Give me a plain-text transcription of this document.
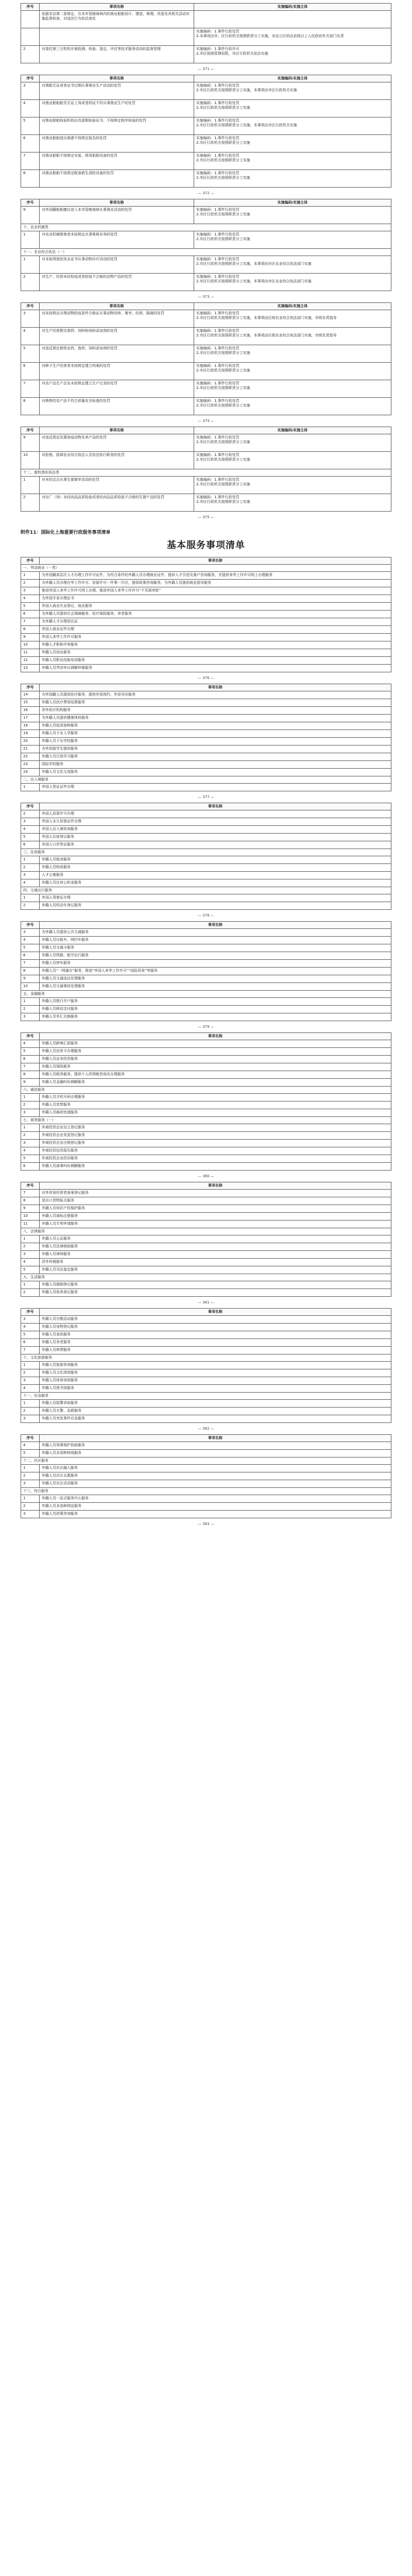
序号	事项名称	实施编码/实施主体
	依据本法第二条规定，在本市管辖海域内的渔业船舶设计、建造、修理、改造及其相关活动实施监督检查，对违法行为依法查处	
		实施编码：1.事件行政处罚
2.本事项由市、区行政机关按照职责分工实施，未设立区的由县级以上人民政府有关部门负责
2	对委托第三方机构开展检测、检验、鉴定、评估等技术服务活动的监督管理	实施编码：1.事件行政许可
2.市区按照管理权限，市区行政机关依法实施
— 371 —
序号	事项名称	实施编码/实施主体
3	对渔船无证或者证书过期从事渔业生产活动的处罚	实施编码：1.事件行政处罚
2.市区行政机关按照职责分工实施，本事项由市区行政机关实施
4	对渔业船舶船员无证上岗或者持证不符从事渔业生产的处罚	实施编码：1.事件行政处罚
2.市区行政机关按照职责分工实施
5	对渔业船舶检验机构出具虚假检验证书、不按规定程序检验的处罚	实施编码：1.事件行政处罚
2.市区行政机关按照职责分工实施，本事项由市区行政机关实施
6	对渔业船舶进出渔港不按规定报告的处罚	实施编码：1.事件行政处罚
2.市区行政机关按照职责分工实施
7	对渔业船舶不按规定安装、使用船舶设备的处罚	实施编码：1.事件行政处罚
2.市区行政机关按照职责分工实施
8	对渔业船舶不按规定配备救生消防设备的处罚	实施编码：1.事件行政处罚
2.市区行政机关按照职责分工实施
— 372 —
序号	事项名称	实施编码/实施主体
9	对外国籍船舶擅自进入本市管辖海域从事渔业活动的处罚	实施编码：1.事件行政处罚
2.市区行政机关按照职责分工实施
十、农业机械类		
1	对农业机械维修者未按规定从事维修业务的处罚	实施编码：1.事件行政处罚
2.市区行政机关按照职责分工实施
十一、农业综合执法（一）		
1	对未取得兽医执业证书从事动物诊疗活动的处罚	实施编码：1.事件行政处罚
2.市区行政机关按照职责分工实施，本事项由市区农业综合执法部门实施
2	对生产、经营未经检疫或者检疫不合格的动物产品的处罚	实施编码：1.事件行政处罚
2.市区行政机关按照职责分工实施，本事项由市区农业综合执法部门实施
— 373 —
序号	事项名称	实施编码/实施主体
3	对未按规定办理动物防疫条件合格证从事动物饲养、屠宰、经营、隔离的处罚	实施编码：1.事件行政处罚
2.市区行政机关按照职责分工实施，本事项由区级农业综合执法部门实施，市级负责指导
4	对生产经营假劣兽药、饲料和饲料添加剂的处罚	实施编码：1.事件行政处罚
2.市区行政机关按照职责分工实施，本事项由区级农业综合执法部门实施，市级负责指导
5	对违反规定使用农药、兽药、饲料添加剂的处罚	实施编码：1.事件行政处罚
2.市区行政机关按照职责分工实施
6	对种子生产经营者未按规定建立档案的处罚	实施编码：1.事件行政处罚
2.市区行政机关按照职责分工实施
7	对农产品生产企业未按规定建立生产记录的处罚	实施编码：1.事件行政处罚
2.市区行政机关按照职责分工实施
8	对销售的农产品不符合质量安全标准的处罚	实施编码：1.事件行政处罚
2.市区行政机关按照职责分工实施
— 374 —
序号	事项名称	实施编码/实施主体
9	对违反规定处置染疫动物及其产品的处罚	实施编码：1.事件行政处罚
2.市区行政机关按照职责分工实施
10	对拒绝、阻碍农业综合执法人员依法执行职务的处罚	实施编码：1.事件行政处罚
2.市区行政机关按照职责分工实施
十二、畜牧兽医执法类		
1	对未经定点从事生猪屠宰活动的处罚	实施编码：1.事件行政处罚
2.市区行政机关按照职责分工实施
2	对出厂（场）未经肉品品质检验或者经肉品品质检验不合格的生猪产品的处罚	实施编码：1.事件行政处罚
2.市区行政机关按照职责分工实施
— 375 —
附件11：国际化上海重要行政服务事项清单
基本服务事项清单
序号	事项名称
一、劳动就业（一类）	
1	为外国籍高层次人才办理工作许可证件，为符合条件的外籍人员办理就业证件，提供人才引进及落户咨询服务，并提供来华工作许可网上办理服务
2	为外籍人员办理在华工作许可、居留许可一件事一次办，提供政策咨询服务，为外籍人员提供就业指导服务
3	推进外国人来华工作许可网上办理，推进外国人来华工作许可“不见面审批”
4	为外国专家办理证书
5	外国人就业失业登记、就业服务
6	为外籍人员提供社会保障服务、医疗保险服务、养老服务
7	为外籍人才办理居住证
8	外国人就业证件办理
9	外国人来华工作许可服务
10	外籍人才职称评审服务
11	外籍人员创业服务
12	外籍人员职业技能培训服务
13	外籍人员劳动争议调解仲裁服务
— 376 —
序号	事项名称
14	为外国籍人员提供医疗服务，提供外语预约、外语导诊服务
15	外籍人员医疗费用结算服务
16	涉外医疗机构服务
17	为外籍人员提供健康体检服务
18	外籍人员疫苗接种服务
19	外籍人员子女入学服务
20	外籍人员子女学校服务
21	为外国留学生提供服务
22	外籍人员汉语学习服务
23	国际学校服务
24	外籍人员文化交流服务
二、出入境服务	
1	外国人签证证件办理
— 377 —
序号	事项名称
2	外国人居留许可办理
3	外国人永久居留证件办理
4	外国人出入境咨询服务
5	外国人住宿登记服务
6	外国人口岸签证服务
三、住房服务	
1	外籍人员租房服务
2	外籍人员购房服务
3	人才公寓服务
4	外籍人员住房公积金服务
四、交通出行服务	
1	外国人驾驶证办理
2	外籍人员机动车登记服务
— 378 —
序号	事项名称
3	为外籍人员提供公共交通服务
4	外籍人员出租车、网约车服务
5	外籍人员交通卡服务
6	外籍人员铁路、航空出行服务
7	外籍人员停车服务
8	外籍人员“一网通办”服务，推进“外国人来华工作许可”“国际贸易”等服务
9	外籍人员交通违法处理服务
10	外籍人员交通事故处理服务
五、金融服务	
1	外籍人员银行开户服务
2	外籍人员移动支付服务
3	外籍人员外汇兑换服务
— 379 —
序号	事项名称
4	外籍人员跨境汇款服务
5	外籍人员信用卡办理服务
6	外籍人员证券投资服务
7	外籍人员保险服务
8	外籍人员税务服务，提供个人所得税咨询及办理服务
9	外籍人员金融纠纷调解服务
六、通信服务	
1	外籍人员手机号码办理服务
2	外籍人员宽带服务
3	外籍人员邮政快递服务
七、商务服务（一）	
1	外商投资企业设立登记服务
2	外商投资企业变更登记服务
3	外商投资企业注销登记服务
4	外商投资信息报告服务
5	外商投资企业投诉服务
6	外籍人员商事纠纷调解服务
— 380 —
序号	事项名称
7	对外贸易经营者备案登记服务
8	进出口货物报关服务
9	外籍人员知识产权保护服务
10	外籍人员商标注册服务
11	外籍人员专利申请服务
八、法律服务	
1	外籍人员公证服务
2	外籍人员法律援助服务
3	外籍人员律师服务
4	涉外仲裁服务
5	外籍人员司法鉴定服务
九、生活服务	
1	外籍人员婚姻登记服务
2	外籍人员收养登记服务
— 381 —
序号	事项名称
3	外籍人员宗教活动服务
4	外籍人员宠物登记服务
5	外籍人员家政服务
6	外籍人员养老服务
7	外籍人员殡葬服务
十、文化旅游服务	
1	外籍人员旅游咨询服务
2	外籍人员文化场馆服务
3	外籍人员体育场馆服务
4	外籍人员图书馆服务
十一、应急服务	
1	外籍人员报警求助服务
2	外籍人员火警、急救服务
3	外籍人员突发事件应急服务
— 382 —
序号	事项名称
4	外籍人员领事保护协助服务
5	外籍人员多语种热线服务
十二、社区服务	
1	外籍人员社区融入服务
2	外籍人员社区志愿服务
3	外籍人员社区活动服务
十三、综合服务	
1	外籍人员一站式服务中心服务
2	外籍人员多语种网站服务
3	外籍人员政策咨询服务
— 383 —
